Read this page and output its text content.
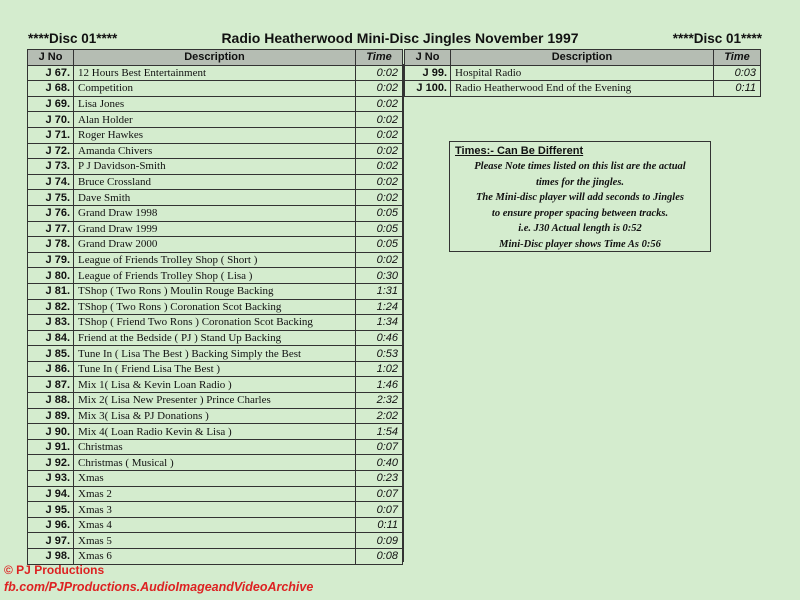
****Disc 01****	Radio Heatherwood Mini-Disc Jingles November 1997	****Disc 01****
J No	Description	Time
J 67.	12 Hours Best Entertainment	0:02
J 68.	Competition	0:02
J 69.	Lisa Jones	0:02
J 70.	Alan Holder	0:02
J 71.	Roger Hawkes	0:02
J 72.	Amanda Chivers	0:02
J 73.	P J Davidson-Smith	0:02
J 74.	Bruce Crossland	0:02
J 75.	Dave Smith	0:02
J 76.	Grand Draw 1998	0:05
J 77.	Grand Draw 1999	0:05
J 78.	Grand Draw 2000	0:05
J 79.	League of Friends Trolley Shop ( Short )	0:02
J 80.	League of Friends Trolley Shop ( Lisa )	0:30
J 81.	TShop ( Two Rons ) Moulin Rouge Backing	1:31
J 82.	TShop ( Two Rons ) Coronation Scot Backing	1:24
J 83.	TShop ( Friend Two Rons ) Coronation Scot Backing	1:34
J 84.	Friend at the Bedside ( PJ ) Stand Up Backing	0:46
J 85.	Tune In ( Lisa The Best ) Backing Simply the Best	0:53
J 86.	Tune In ( Friend Lisa The Best )	1:02
J 87.	Mix 1( Lisa & Kevin Loan Radio )	1:46
J 88.	Mix 2( Lisa New Presenter ) Prince Charles	2:32
J 89.	Mix 3( Lisa & PJ Donations )	2:02
J 90.	Mix 4( Loan Radio Kevin & Lisa )	1:54
J 91.	Christmas	0:07
J 92.	Christmas ( Musical )	0:40
J 93.	Xmas	0:23
J 94.	Xmas 2	0:07
J 95.	Xmas 3	0:07
J 96.	Xmas 4	0:11
J 97.	Xmas 5	0:09
J 98.	Xmas 6	0:08
J No	Description	Time
J 99.	Hospital Radio	0:03
J 100.	Radio Heatherwood End of the Evening	0:11
Times:- Can Be Different
Please Note times listed on this list are the actual
times for the jingles.
The Mini-disc player will add seconds to Jingles
to ensure proper spacing between tracks.
i.e. J30 Actual length is 0:52
Mini-Disc player shows Time As 0:56
© PJ Productions
fb.com/PJProductions.AudioImageandVideoArchive
